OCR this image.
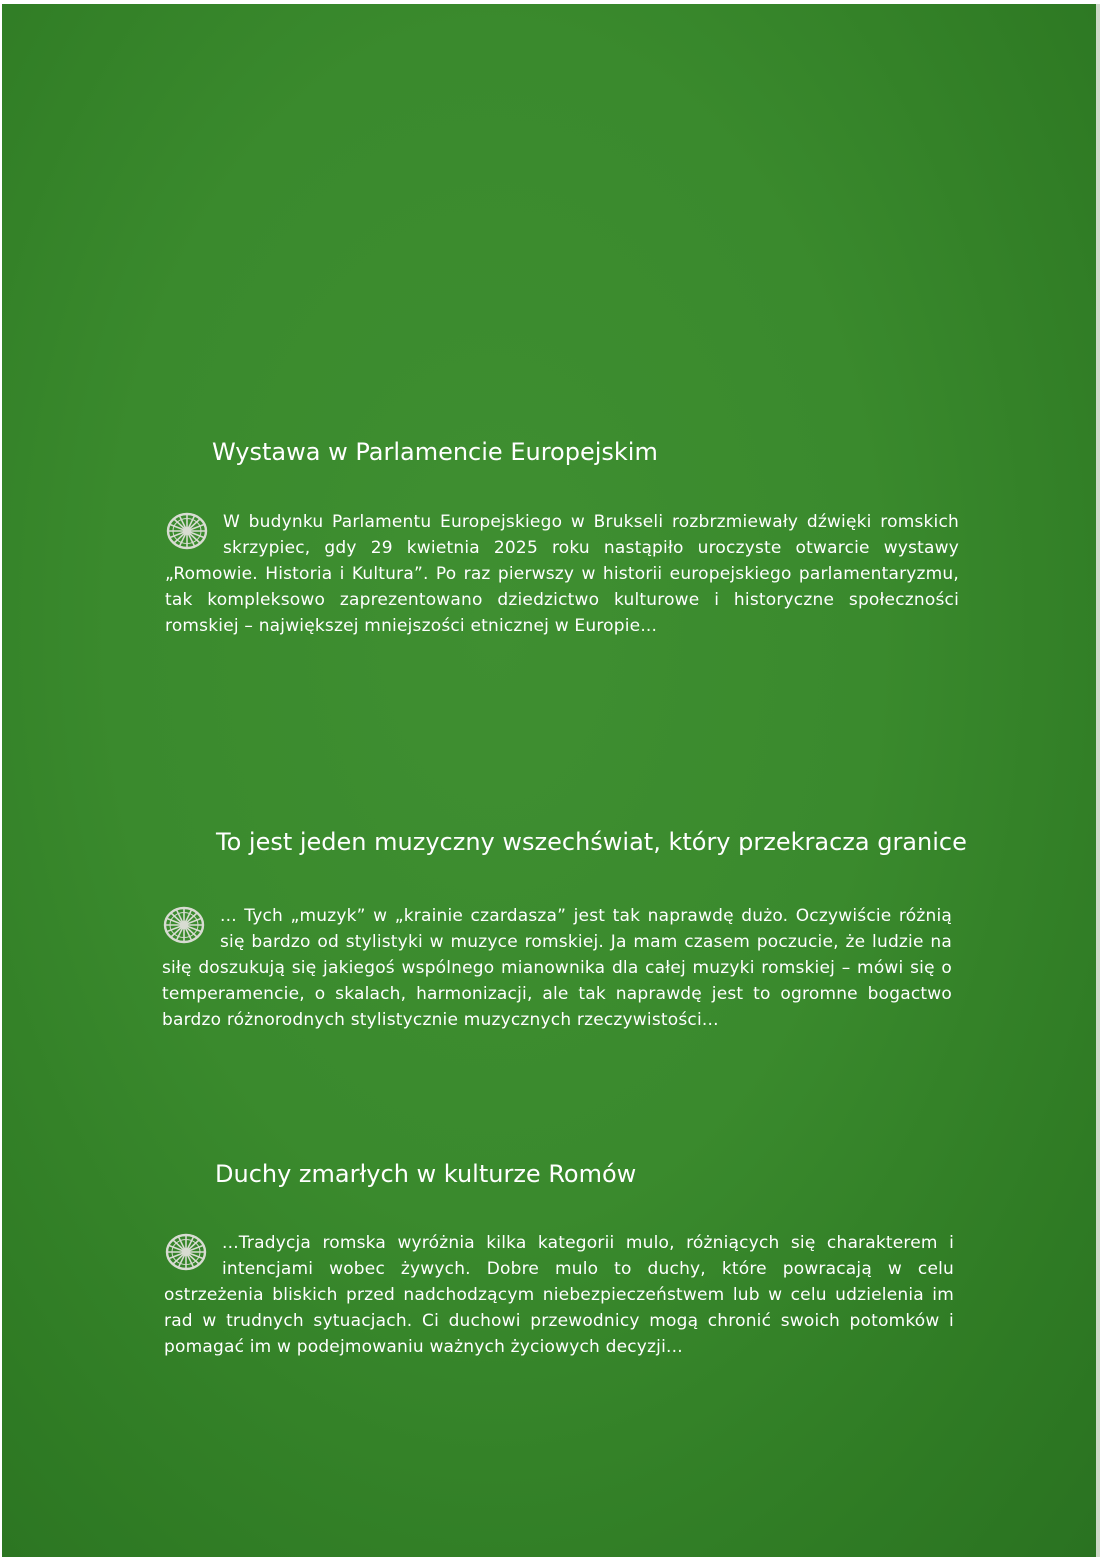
Wystawa w Parlamencie Europejskim

W budynku Parlamentu Europejskiego w Brukseli rozbrzmiewały dźwięki romskich skrzypiec, gdy 29 kwietnia 2025 roku nastąpiło uroczyste otwarcie wystawy „Romowie. Historia i Kultura”. Po raz pierwszy w historii europejskiego parlamentaryzmu, tak kompleksowo zaprezentowano dziedzictwo kulturowe i historyczne społeczności romskiej – największej mniejszości etnicznej w Europie...

To jest jeden muzyczny wszechświat, który przekracza granice

... Tych „muzyk” w „krainie czardasza” jest tak naprawdę dużo. Oczywiście różnią się bardzo od stylistyki w muzyce romskiej. Ja mam czasem poczucie, że ludzie na siłę doszukują się jakiegoś wspólnego mianownika dla całej muzyki romskiej – mówi się o temperamencie, o skalach, harmonizacji, ale tak naprawdę jest to ogromne bogactwo bardzo różnorodnych stylistycznie muzycznych rzeczywistości...

Duchy zmarłych w kulturze Romów

...Tradycja romska wyróżnia kilka kategorii mulo, różniących się charakterem i intencjami wobec żywych. Dobre mulo to duchy, które powracają w celu ostrzeżenia bliskich przed nadchodzącym niebezpieczeństwem lub w celu udzielenia im rad w trudnych sytuacjach. Ci duchowi przewodnicy mogą chronić swoich potomków i pomagać im w podejmowaniu ważnych życiowych decyzji...
